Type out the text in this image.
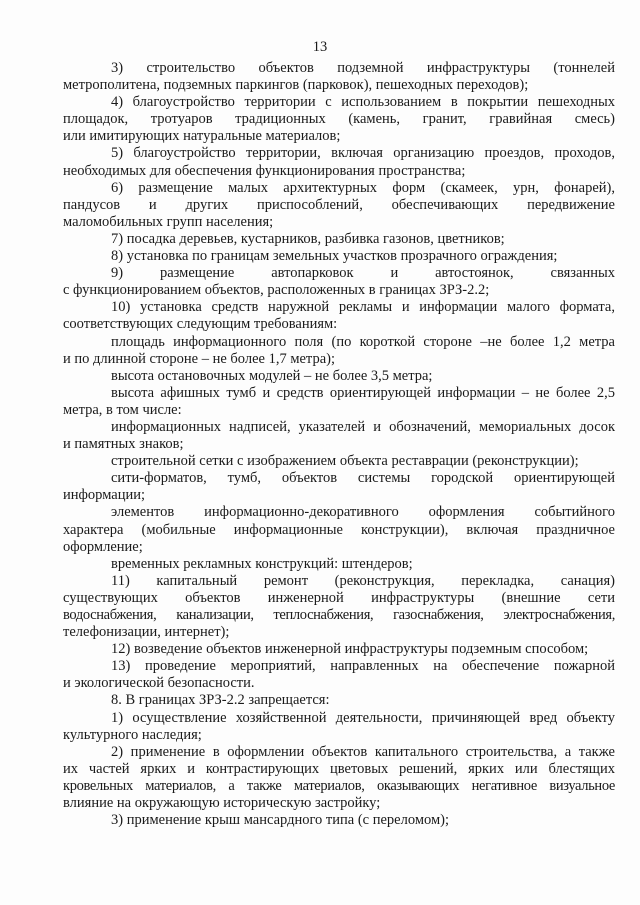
13

3) строительство объектов подземной инфраструктуры (тоннелей

метрополитена, подземных паркингов (парковок), пешеходных переходов);

4) благоустройство территории с использованием в покрытии пешеходных

площадок, тротуаров традиционных (камень, гранит, гравийная смесь)

или имитирующих натуральные материалов;

5) благоустройство территории, включая организацию проездов, проходов,

необходимых для обеспечения функционирования пространства;

6) размещение малых архитектурных форм (скамеек, урн, фонарей),

пандусов и других приспособлений, обеспечивающих передвижение

маломобильных групп населения;

7) посадка деревьев, кустарников, разбивка газонов, цветников;

8) установка по границам земельных участков прозрачного ограждения;

9) размещение автопарковок и автостоянок, связанных

с функционированием объектов, расположенных в границах ЗРЗ-2.2;

10) установка средств наружной рекламы и информации малого формата,

соответствующих следующим требованиям:

площадь информационного поля (по короткой стороне –не более 1,2 метра

и по длинной стороне – не более 1,7 метра);

высота остановочных модулей – не более 3,5 метра;

высота афишных тумб и средств ориентирующей информации – не более 2,5

метра, в том числе:

информационных надписей, указателей и обозначений, мемориальных досок

и памятных знаков;

строительной сетки с изображением объекта реставрации (реконструкции);

сити-форматов, тумб, объектов системы городской ориентирующей

информации;

элементов информационно-декоративного оформления событийного

характера (мобильные информационные конструкции), включая праздничное

оформление;

временных рекламных конструкций: штендеров;

11) капитальный ремонт (реконструкция, перекладка, санация)

существующих объектов инженерной инфраструктуры (внешние сети

водоснабжения, канализации, теплоснабжения, газоснабжения, электроснабжения,

телефонизации, интернет);

12) возведение объектов инженерной инфраструктуры подземным способом;

13) проведение мероприятий, направленных на обеспечение пожарной

и экологической безопасности.

8. В границах ЗРЗ-2.2 запрещается:

1) осуществление хозяйственной деятельности, причиняющей вред объекту

культурного наследия;

2) применение в оформлении объектов капитального строительства, а также

их частей ярких и контрастирующих цветовых решений, ярких или блестящих

кровельных материалов, а также материалов, оказывающих негативное визуальное

влияние на окружающую историческую застройку;

3) применение крыш мансардного типа (с переломом);
